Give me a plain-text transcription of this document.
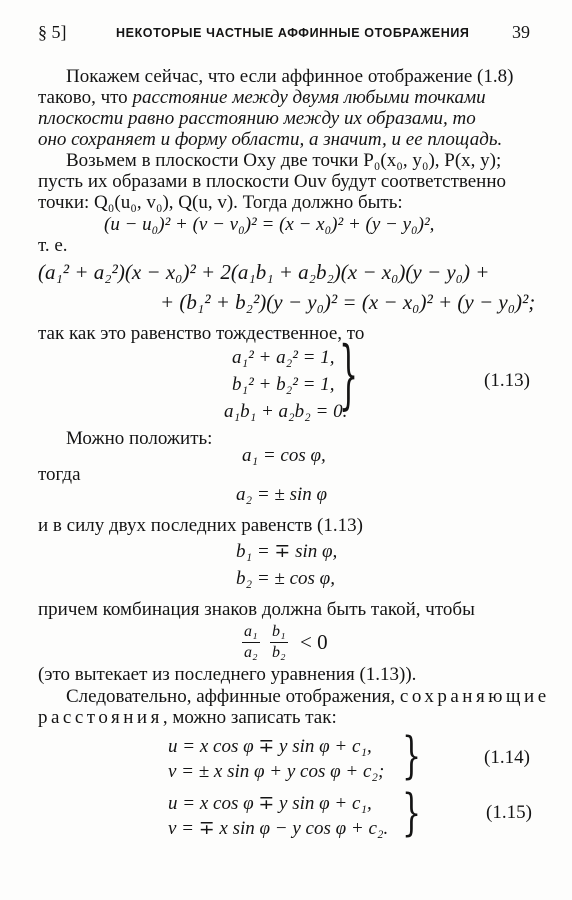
§ 5]	НЕКОТОРЫЕ ЧАСТНЫЕ АФФИННЫЕ ОТОБРАЖЕНИЯ 39
Покажем сейчас, что если аффинное отображение (1.8)
таково, что расстояние между двумя любыми точками
плоскости равно расстоянию между их образами, то
оно сохраняет и форму области, а значит, и ее площадь.
Возьмем в плоскости Oxy две точки P₀(x₀, y₀), P(x, y);
пусть их образами в плоскости Ouv будут соответственно
точки: Q₀(u₀, v₀), Q(u, v). Тогда должно быть:
(u − u₀)² + (v − v₀)² = (x − x₀)² + (y − y₀)²,
т. е.
(a₁² + a₂²)(x − x₀)² + 2(a₁b₁ + a₂b₂)(x − x₀)(y − y₀) +
+ (b₁² + b₂²)(y − y₀)² = (x − x₀)² + (y − y₀)²;
так как это равенство тождественное, то
a₁² + a₂² = 1,
b₁² + b₂² = 1,
a₁b₁ + a₂b₂ = 0.
}	(1.13)
Можно положить:
a₁ = cos φ,
тогда
a₂ = ± sin φ
и в силу двух последних равенств (1.13)
b₁ = ∓ sin φ,
b₂ = ± cos φ,
причем комбинация знаков должна быть такой, чтобы
$\frac{\text{a₁}}{\text{a₂}} \frac{\text{b₁}}{\text{b₂}} < 0$
(это вытекает из последнего уравнения (1.13)).
Следовательно, аффинные отображения, сохраняющие
расстояния, можно записать так:
u = x cos φ ∓ y sin φ + c₁,
v = ± x sin φ + y cos φ + c₂; }	(1.14)
u = x cos φ ∓ y sin φ + c₁,
v = ∓ x sin φ − y cos φ + c₂. }	(1.15)
